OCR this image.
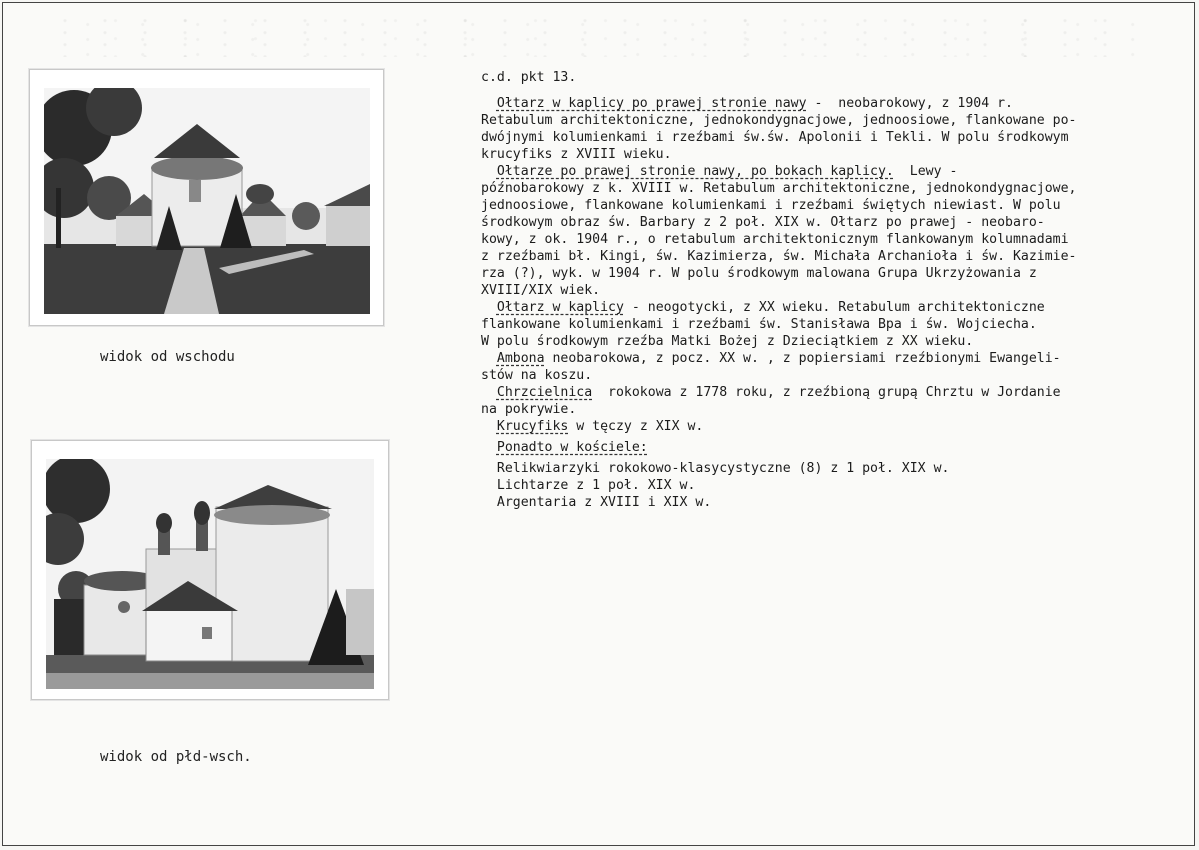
widok od wschodu
widok od płd-wsch.
c.d. pkt 13.
Ołtarz w kaplicy po prawej stronie nawy -  neobarokowy, z 1904 r.
Retabulum architektoniczne, jednokondygnacjowe, jednoosiowe, flankowane po-
dwójnymi kolumienkami i rzeźbami św.św. Apolonii i Tekli. W polu środkowym
krucyfiks z XVIII wieku.
Ołtarze po prawej stronie nawy, po bokach kaplicy.  Lewy -
późnobarokowy z k. XVIII w. Retabulum architektoniczne, jednokondygnacjowe,
jednoosiowe, flankowane kolumienkami i rzeźbami świętych niewiast. W polu
środkowym obraz św. Barbary z 2 poł. XIX w. Ołtarz po prawej - neobaro-
kowy, z ok. 1904 r., o retabulum architektonicznym flankowanym kolumnadami
z rzeźbami bł. Kingi, św. Kazimierza, św. Michała Archanioła i św. Kazimie-
rza (?), wyk. w 1904 r. W polu środkowym malowana Grupa Ukrzyżowania z
XVIII/XIX wiek.
Ołtarz w kaplicy - neogotycki, z XX wieku. Retabulum architektoniczne
flankowane kolumienkami i rzeźbami św. Stanisława Bpa i św. Wojciecha.
W polu środkowym rzeźba Matki Bożej z Dzieciątkiem z XX wieku.
Ambona neobarokowa, z pocz. XX w. , z popiersiami rzeźbionymi Ewangeli-
stów na koszu.
Chrzcielnica  rokokowa z 1778 roku, z rzeźbioną grupą Chrztu w Jordanie
na pokrywie.
Krucyfiks w tęczy z XIX w.
Ponadto w kościele:
Relikwiarzyki rokokowo-klasycystyczne (8) z 1 poł. XIX w.
Lichtarze z 1 poł. XIX w.
Argentaria z XVIII i XIX w.
